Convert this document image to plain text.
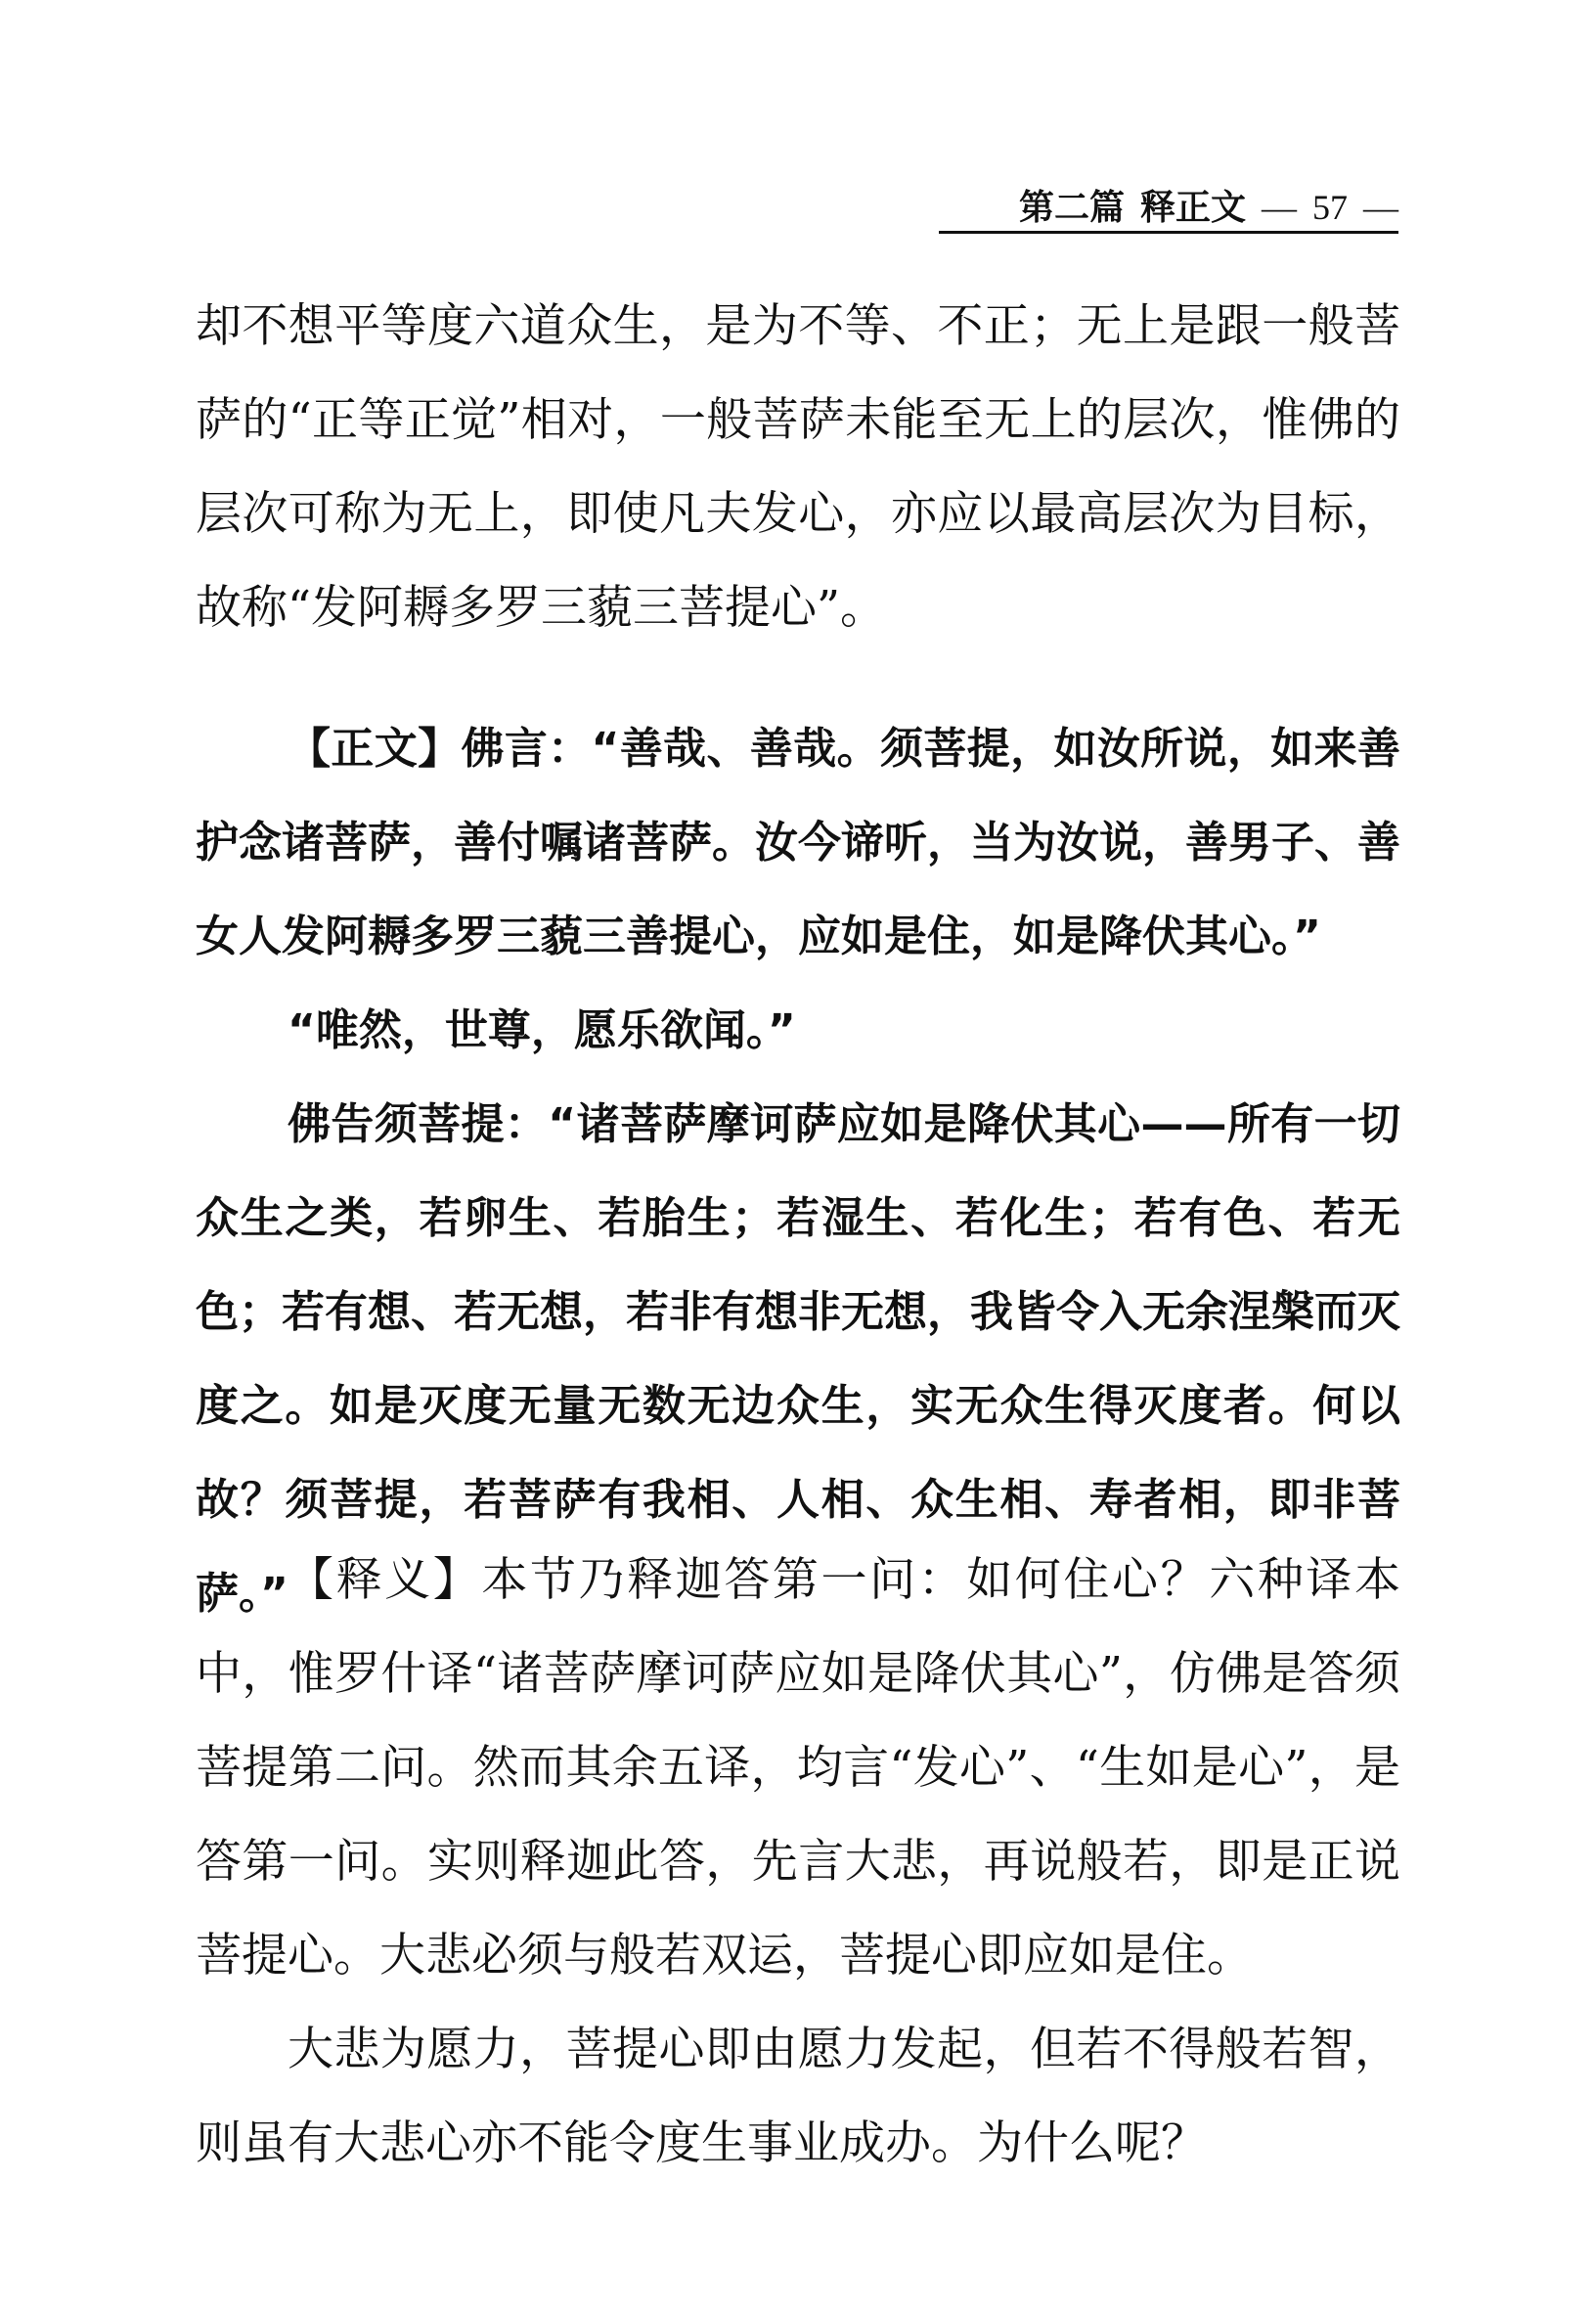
第二篇 释正文 — 57 —

却不想平等度六道众生，是为不等、不正；无上是跟一般菩萨的“正等正觉”相对，一般菩萨未能至无上的层次，惟佛的层次可称为无上，即使凡夫发心，亦应以最高层次为目标，故称“发阿耨多罗三藐三菩提心”。

【正文】佛言：“善哉、善哉。须菩提，如汝所说，如来善护念诸菩萨，善付嘱诸菩萨。汝今谛听，当为汝说，善男子、善女人发阿耨多罗三藐三善提心，应如是住，如是降伏其心。”

“唯然，世尊，愿乐欲闻。”

佛告须菩提：“诸菩萨摩诃萨应如是降伏其心——所有一切众生之类，若卵生、若胎生；若湿生、若化生；若有色、若无色；若有想、若无想，若非有想非无想，我皆令入无余涅槃而灭度之。如是灭度无量无数无边众生，实无众生得灭度者。何以故？须菩提，若菩萨有我相、人相、众生相、寿者相，即非菩萨。” 【释义】本节乃释迦答第一问：如何住心？六种译本中，惟罗什译“诸菩萨摩诃萨应如是降伏其心”，仿佛是答须菩提第二问。然而其余五译，均言“发心”、“生如是心”，是答第一问。实则释迦此答，先言大悲，再说般若，即是正说菩提心。大悲必须与般若双运，菩提心即应如是住。

大悲为愿力，菩提心即由愿力发起，但若不得般若智，则虽有大悲心亦不能令度生事业成办。为什么呢？
